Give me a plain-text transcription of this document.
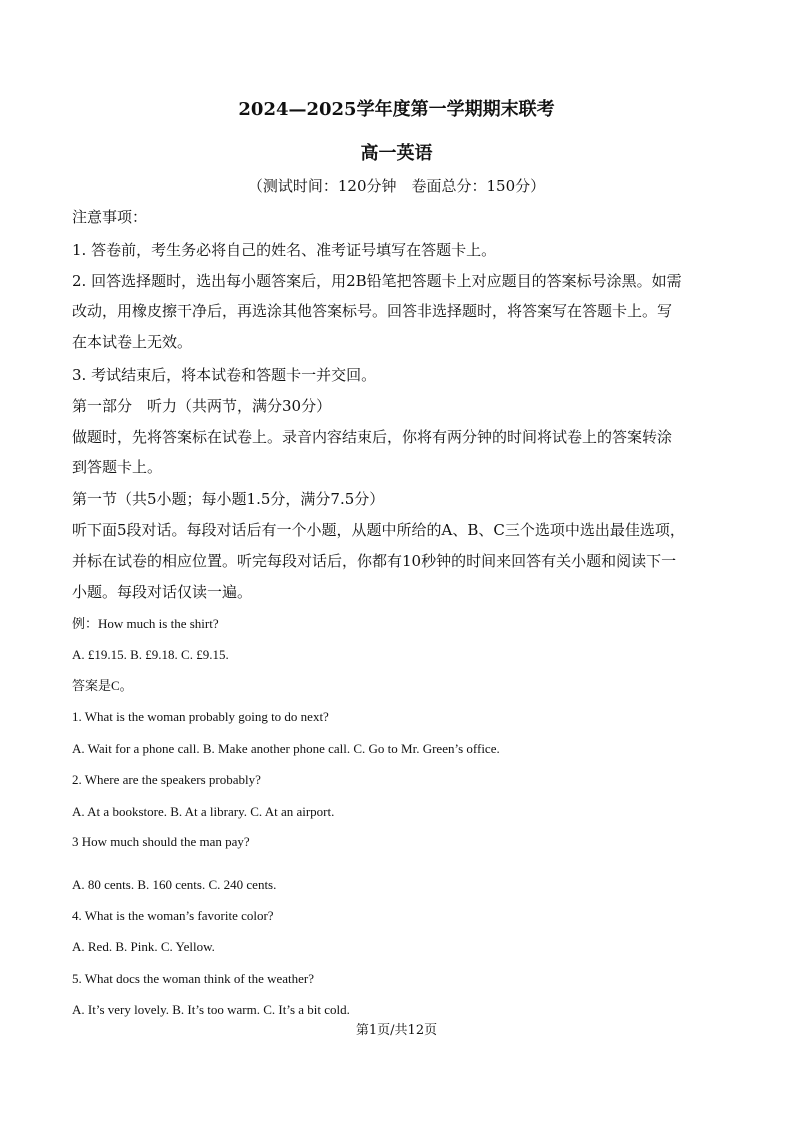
2024—2025学年度第一学期期末联考
高一英语
（测试时间：120分钟　卷面总分：150分）
注意事项：
1. 答卷前，考生务必将自己的姓名、准考证号填写在答题卡上。
2. 回答选择题时，选出每小题答案后，用2B铅笔把答题卡上对应题目的答案标号涂黑。如需
改动，用橡皮擦干净后，再选涂其他答案标号。回答非选择题时，将答案写在答题卡上。写
在本试卷上无效。
3. 考试结束后，将本试卷和答题卡一并交回。
第一部分　听力（共两节，满分30分）
做题时，先将答案标在试卷上。录音内容结束后，你将有两分钟的时间将试卷上的答案转涂
到答题卡上。
第一节（共5小题；每小题1.5分，满分7.5分）
听下面5段对话。每段对话后有一个小题，从题中所给的A、B、C三个选项中选出最佳选项，
并标在试卷的相应位置。听完每段对话后，你都有10秒钟的时间来回答有关小题和阅读下一
小题。每段对话仅读一遍。
例：How much is the shirt?
A. £19.15. B. £9.18. C. £9.15.
答案是C。
1. What is the woman probably going to do next?
A. Wait for a phone call. B. Make another phone call. C. Go to Mr. Green’s office.
2. Where are the speakers probably?
A. At a bookstore. B. At a library. C. At an airport.
3 How much should the man pay?
A. 80 cents. B. 160 cents. C. 240 cents.
4. What is the woman’s favorite color?
A. Red. B. Pink. C. Yellow.
5. What docs the woman think of the weather?
A. It’s very lovely. B. It’s too warm. C. It’s a bit cold.
第1页/共12页
